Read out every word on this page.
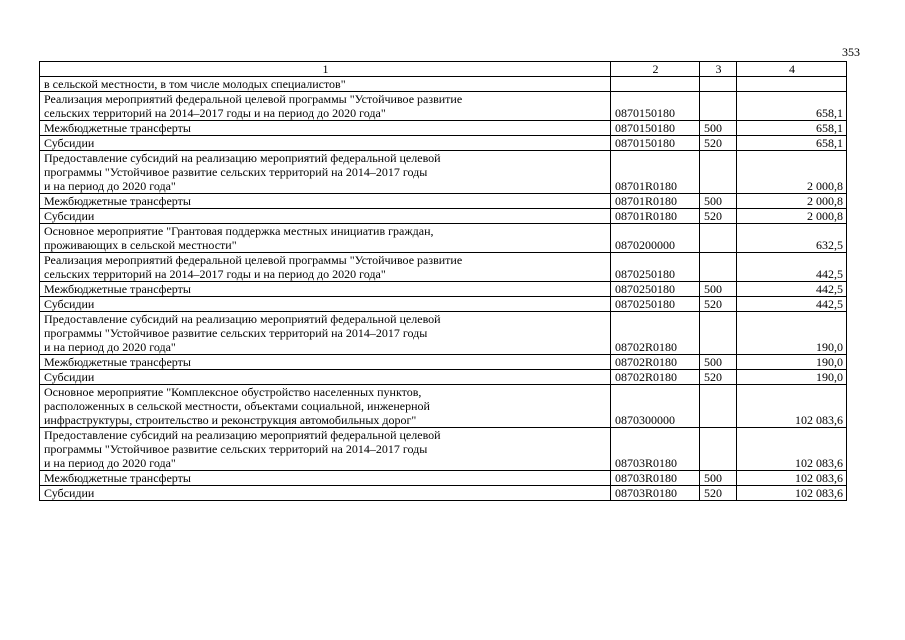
353
1	2	3	4

в сельской местности, в том числе молодых специалистов"			

Реализация мероприятий федеральной целевой программы "Устойчивое развитие
сельских территорий на 2014–2017 годы и на период до 2020 года"	0870150180		658,1

Межбюджетные трансферты	0870150180	500	658,1

Субсидии	0870150180	520	658,1

Предоставление субсидий на реализацию мероприятий федеральной целевой
программы "Устойчивое развитие сельских территорий на 2014–2017 годы
и на период до 2020 года"	08701R0180		2 000,8

Межбюджетные трансферты	08701R0180	500	2 000,8

Субсидии	08701R0180	520	2 000,8

Основное мероприятие "Грантовая поддержка местных инициатив граждан,
проживающих в сельской местности"	0870200000		632,5

Реализация мероприятий федеральной целевой программы "Устойчивое развитие
сельских территорий на 2014–2017 годы и на период до 2020 года"	0870250180		442,5

Межбюджетные трансферты	0870250180	500	442,5

Субсидии	0870250180	520	442,5

Предоставление субсидий на реализацию мероприятий федеральной целевой
программы "Устойчивое развитие сельских территорий на 2014–2017 годы
и на период до 2020 года"	08702R0180		190,0

Межбюджетные трансферты	08702R0180	500	190,0

Субсидии	08702R0180	520	190,0

Основное мероприятие "Комплексное обустройство населенных пунктов,
расположенных в сельской местности, объектами социальной, инженерной
инфраструктуры, строительство и реконструкция автомобильных дорог"	0870300000		102 083,6

Предоставление субсидий на реализацию мероприятий федеральной целевой
программы "Устойчивое развитие сельских территорий на 2014–2017 годы
и на период до 2020 года"	08703R0180		102 083,6

Межбюджетные трансферты	08703R0180	500	102 083,6

Субсидии	08703R0180	520	102 083,6
